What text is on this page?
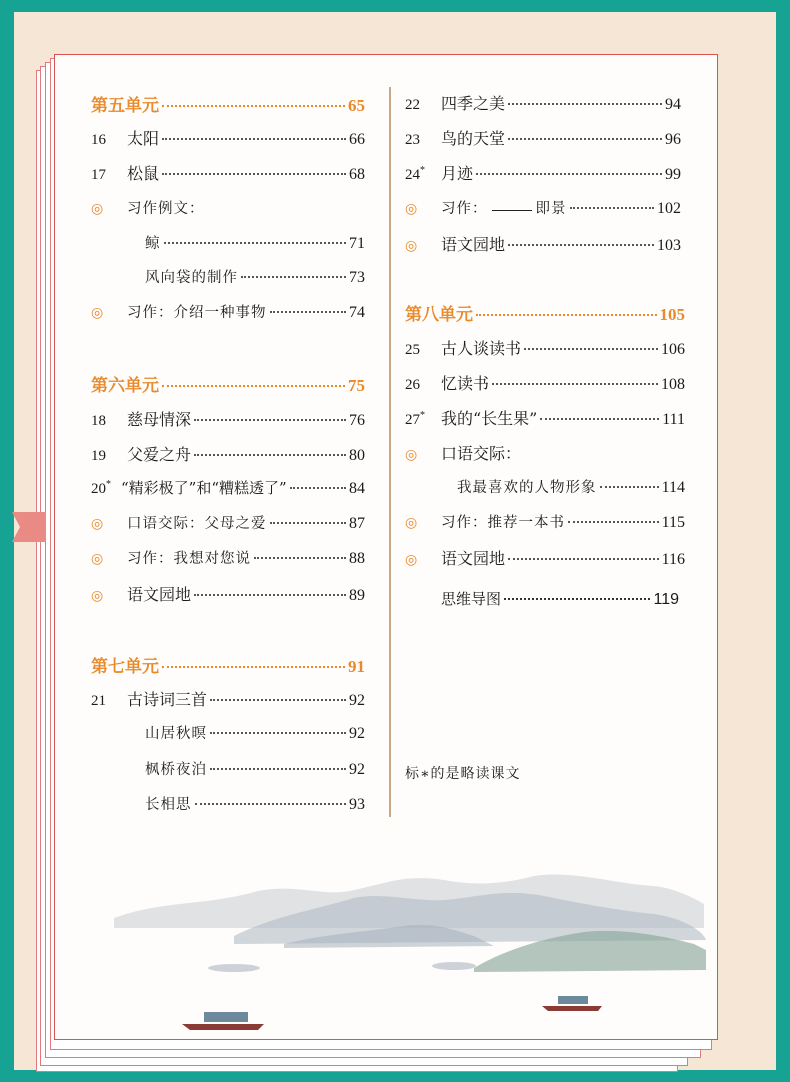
第五单元	65
16	太阳	66
17	松鼠	68
◎	习作例文：
鲸	71
风向袋的制作	73
◎	习作：介绍一种事物	74
第六单元	75
18	慈母情深	76
19	父爱之舟	80
20* “精彩极了”和“糟糕透了”	84
◎	口语交际：父母之爱	87
◎	习作：我想对您说	88
◎	语文园地	89
第七单元	91
21	古诗词三首	92
山居秋暝	92
枫桥夜泊	92
长相思	93
22	四季之美	94
23	鸟的天堂	96
24*	月迹	99
◎	习作：	即景	102
◎	语文园地	103
第八单元	105
25	古人谈读书	106
26	忆读书	108
27*	我的“长生果”	111
◎	口语交际：
我最喜欢的人物形象	114
◎	习作：推荐一本书	115
◎	语文园地	116
思维导图	119
标∗的是略读课文
